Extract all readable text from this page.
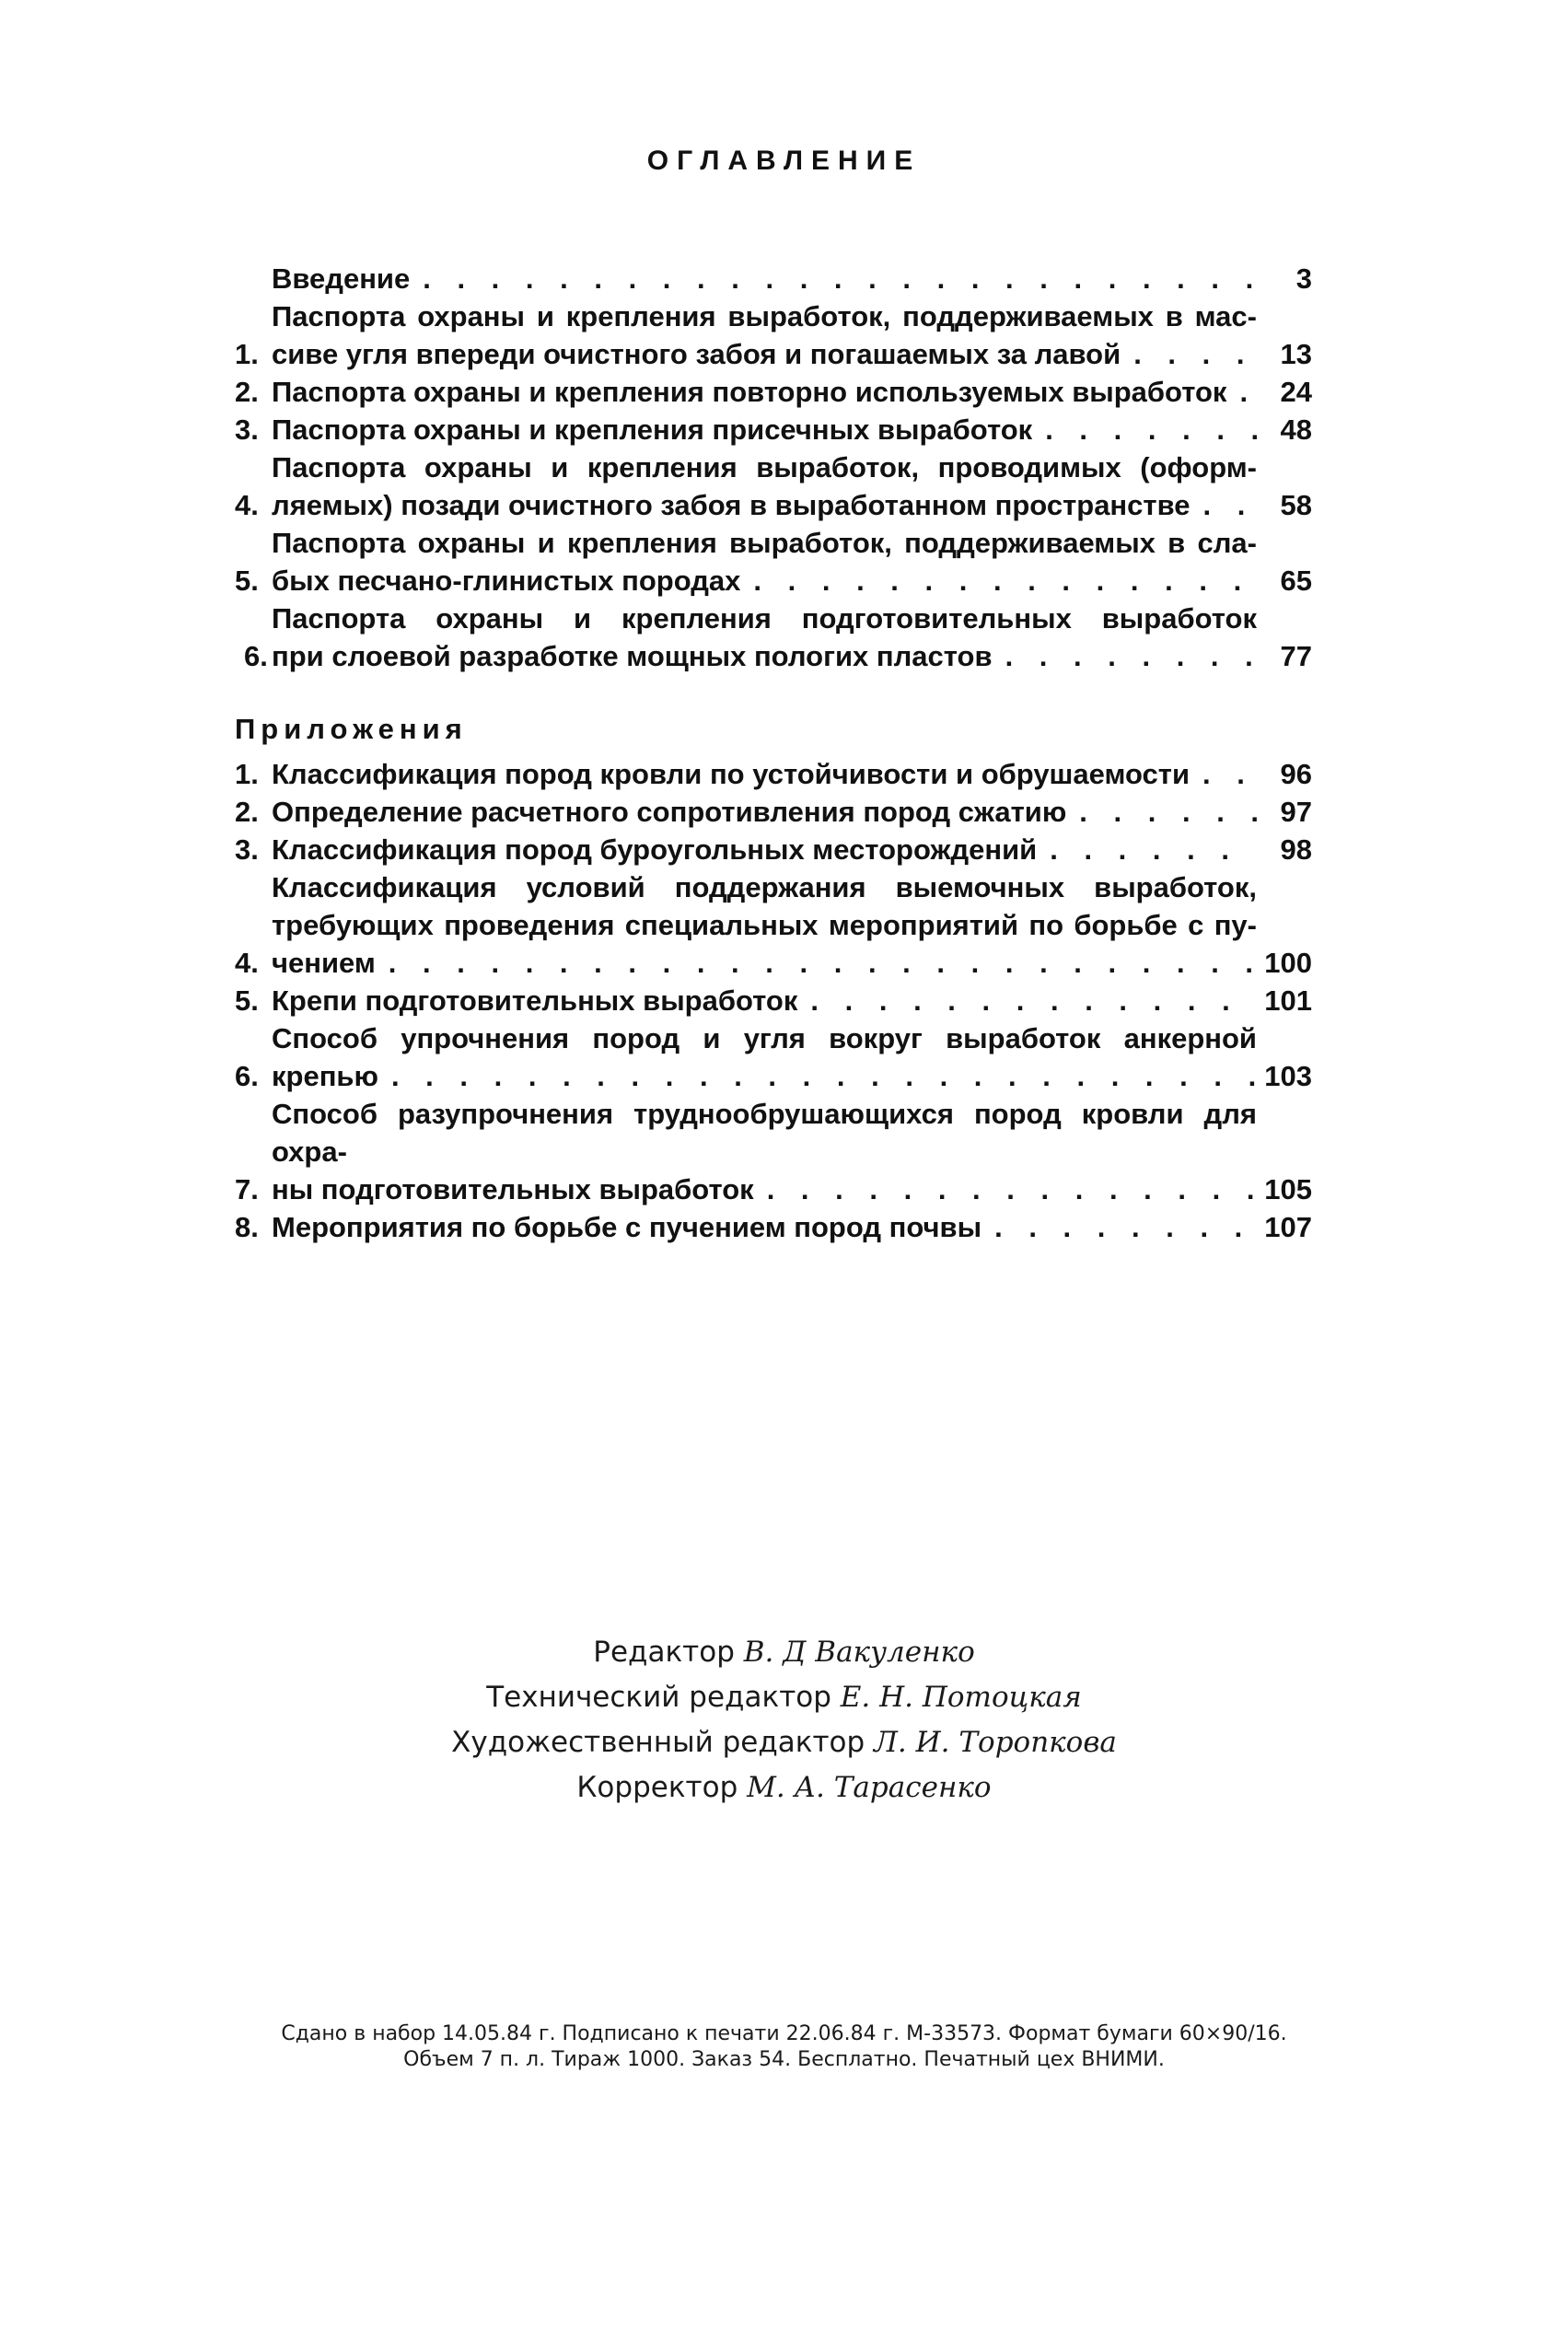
ОГЛАВЛЕНИЕ
Введение . . .	3
1.
Паспорта охраны и крепления выработок, поддерживаемых в мас-
сиве угля впереди очистного забоя и погашаемых за лавой . . .	13
2. Паспорта охраны и крепления повторно используемых выработок . . .	24
3. Паспорта охраны и крепления присечных выработок . . .	48
4.
Паспорта охраны и крепления выработок, проводимых (оформ-
ляемых) позади очистного забоя в выработанном пространстве . . .	58
5.
Паспорта охраны и крепления выработок, поддерживаемых в сла-
бых песчано-глинистых породах . . .	65
6.
Паспорта охраны и крепления подготовительных выработок
при слоевой разработке мощных пологих пластов . . .	77
Приложения
1. Классификация пород кровли по устойчивости и обрушаемости . . .	96
2. Определение расчетного сопротивления пород сжатию . . .	97
3. Классификация пород буроугольных месторождений . . .	98
4.
Классификация условий поддержания выемочных выработок,
требующих проведения специальных мероприятий по борьбе с пу-
чением . . .	100
5. Крепи подготовительных выработок . . .	101
6.
Способ упрочнения пород и угля вокруг выработок анкерной
крепью . . .	103
7.
Способ разупрочнения труднообрушающихся пород кровли для охра-
ны подготовительных выработок . . .	105
8. Мероприятия по борьбе с пучением пород почвы . . .	107
Редактор В. Д Вакуленко
Технический редактор Е. Н. Потоцкая
Художественный редактор Л. И. Торопкова
Корректор М. А. Тарасенко
Сдано в набор 14.05.84 г. Подписано к печати 22.06.84 г. М-33573. Формат бумаги 60×90/16.
Объем 7 п. л. Тираж 1000. Заказ 54. Бесплатно. Печатный цех ВНИМИ.
